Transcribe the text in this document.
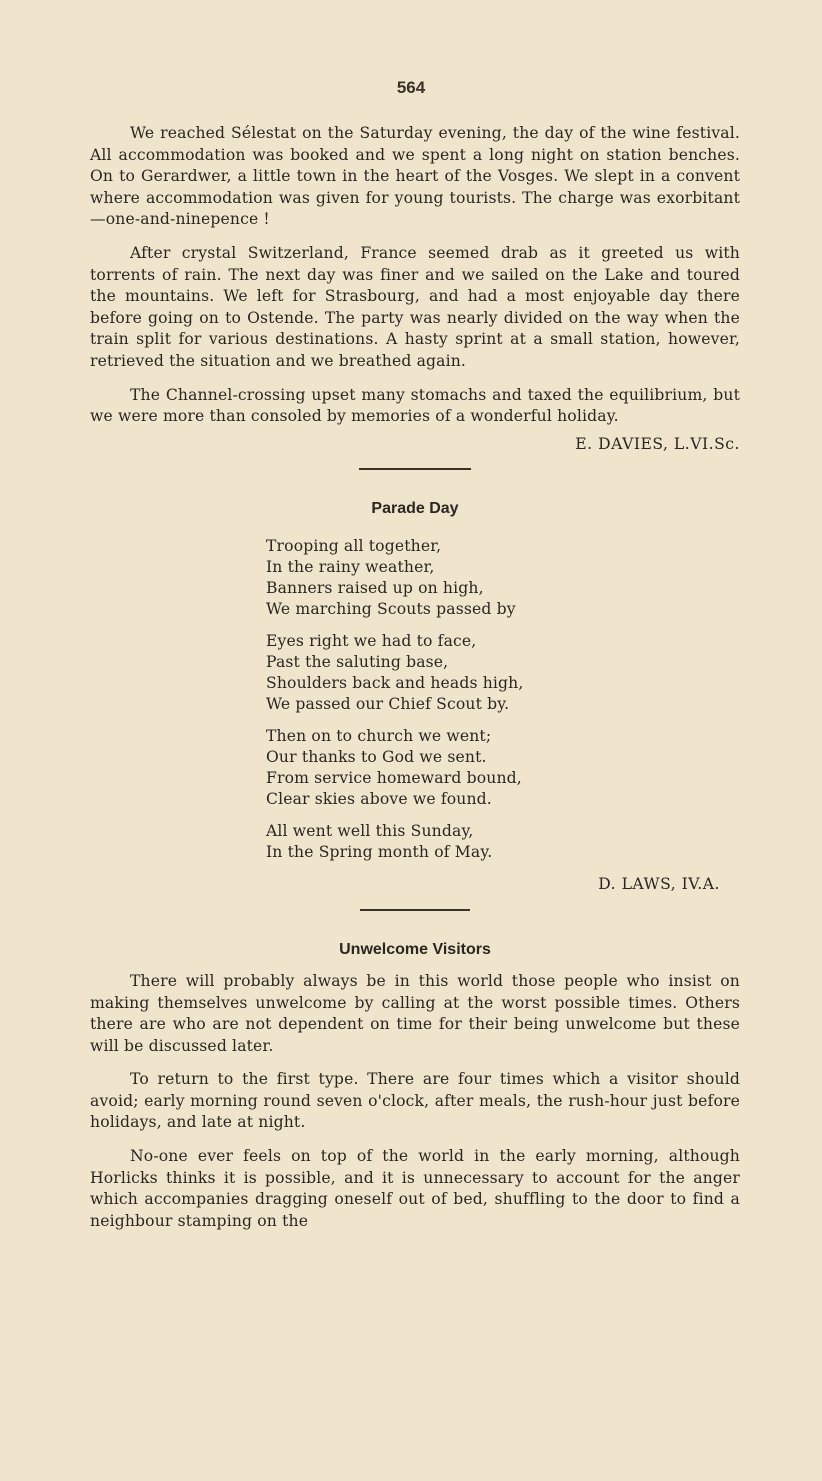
564

We reached Sélestat on the Saturday evening, the day of the wine festival. All accommodation was booked and we spent a long night on station benches. On to Gerardwer, a little town in the heart of the Vosges. We slept in a convent where accommodation was given for young tourists. The charge was exorbitant—one-and-ninepence !

After crystal Switzerland, France seemed drab as it greeted us with torrents of rain. The next day was finer and we sailed on the Lake and toured the mountains. We left for Strasbourg, and had a most enjoyable day there before going on to Ostende. The party was nearly divided on the way when the train split for various destinations. A hasty sprint at a small station, however, retrieved the situation and we breathed again.

The Channel-crossing upset many stomachs and taxed the equilibrium, but we were more than consoled by memories of a wonderful holiday.

E. DAVIES, L.VI.Sc.
Parade Day
Trooping all together,
In the rainy weather,
Banners raised up on high,
We marching Scouts passed by
Eyes right we had to face,
Past the saluting base,
Shoulders back and heads high,
We passed our Chief Scout by.
Then on to church we went;
Our thanks to God we sent.
From service homeward bound,
Clear skies above we found.
All went well this Sunday,
In the Spring month of May.
D. LAWS, IV.A.
Unwelcome Visitors

There will probably always be in this world those people who insist on making themselves unwelcome by calling at the worst possible times. Others there are who are not dependent on time for their being unwelcome but these will be discussed later.

To return to the first type. There are four times which a visitor should avoid; early morning round seven o'clock, after meals, the rush-hour just before holidays, and late at night.

No-one ever feels on top of the world in the early morning, although Horlicks thinks it is possible, and it is unnecessary to account for the anger which accompanies dragging oneself out of bed, shuffling to the door to find a neighbour stamping on the
